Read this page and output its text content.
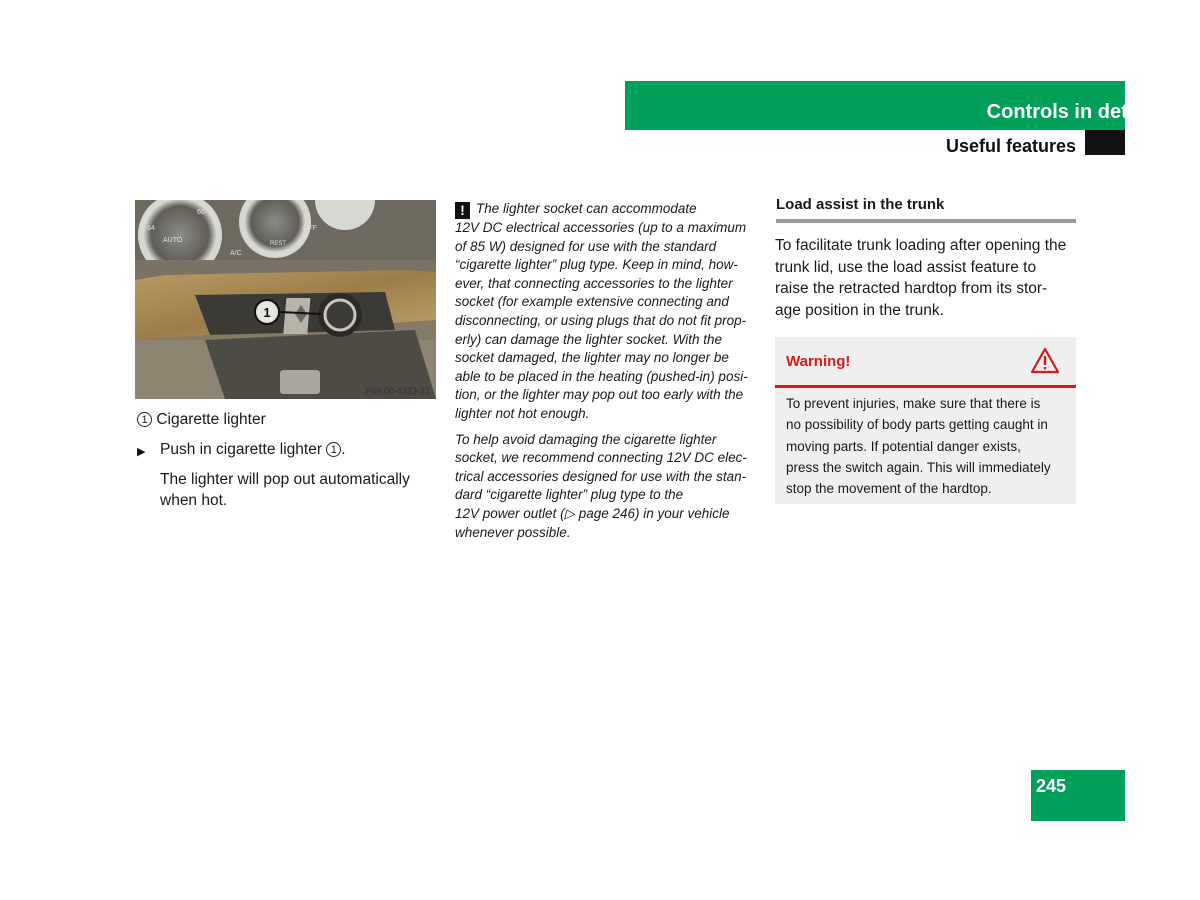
Controls in detail
Useful features
1
AUTO
A/C
REST
OFF
60
64
P68.00-4323-31
1 Cigarette lighter
▶ Push in cigarette lighter 1 .
The lighter will pop out automatically
when hot.

! The lighter socket can accommodate
12V DC electrical accessories (up to a maximum
of 85 W) designed for use with the standard
“cigarette lighter” plug type. Keep in mind, how-
ever, that connecting accessories to the lighter
socket (for example extensive connecting and
disconnecting, or using plugs that do not fit prop-
erly) can damage the lighter socket. With the
socket damaged, the lighter may no longer be
able to be placed in the heating (pushed-in) posi-
tion, or the lighter may pop out too early with the
lighter not hot enough.

To help avoid damaging the cigarette lighter
socket, we recommend connecting 12V DC elec-
trical accessories designed for use with the stan-
dard “cigarette lighter” plug type to the
12V power outlet (▷ page 246) in your vehicle
whenever possible.

Load assist in the trunk
To facilitate trunk loading after opening the
trunk lid, use the load assist feature to
raise the retracted hardtop from its stor-
age position in the trunk.
Warning!
To prevent injuries, make sure that there is
no possibility of body parts getting caught in
moving parts. If potential danger exists,
press the switch again. This will immediately
stop the movement of the hardtop.
245
